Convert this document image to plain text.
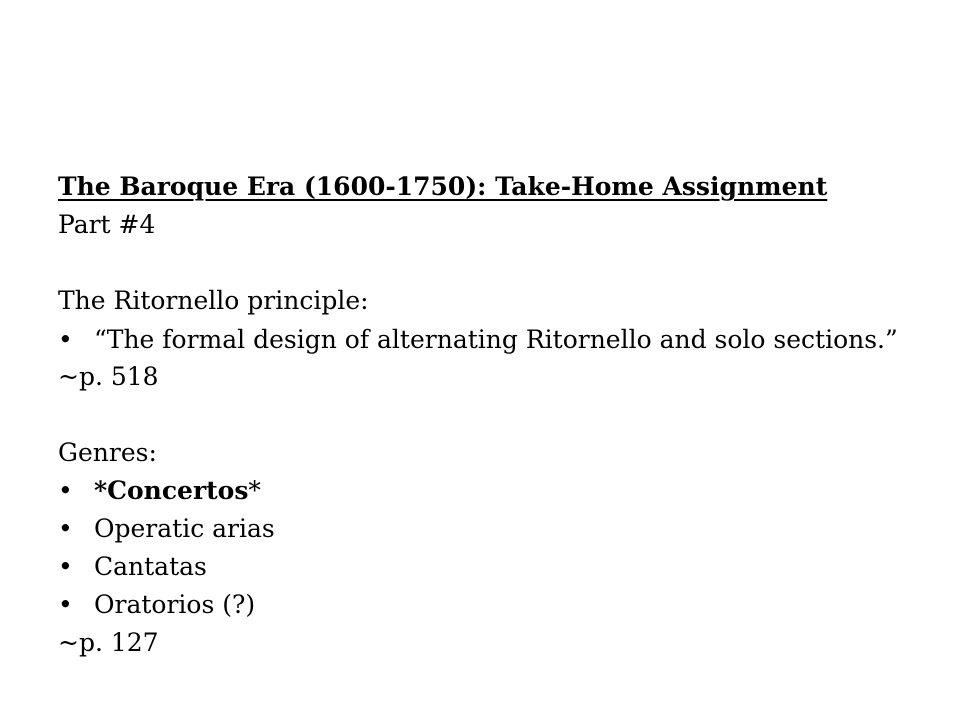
The Baroque Era (1600-1750): Take-Home Assignment
Part #4
The Ritornello principle:
• “The formal design of alternating Ritornello and solo sections.”
~p. 518
Genres:
• *Concertos*
• Operatic arias
• Cantatas
• Oratorios (?)
~p. 127
